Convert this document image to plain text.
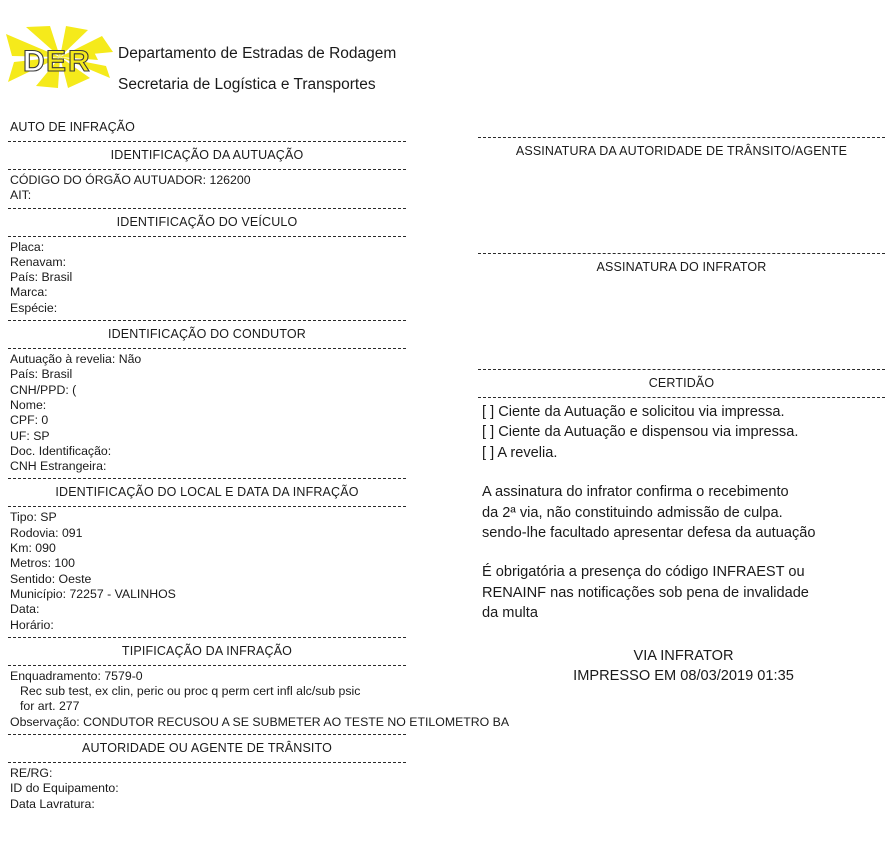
D E R Departamento de Estradas de Rodagem
Secretaria de Logística e Transportes
AUTO DE INFRAÇÃO
IDENTIFICAÇÃO DA AUTUAÇÃO
CÓDIGO DO ÓRGÃO AUTUADOR: 126200
AIT:
IDENTIFICAÇÃO DO VEÍCULO
Placa:
Renavam:
País: Brasil
Marca:
Espécie:
IDENTIFICAÇÃO DO CONDUTOR
Autuação à revelia: Não
País: Brasil
CNH/PPD: (
Nome:
CPF: 0
UF: SP
Doc. Identificação:
CNH Estrangeira:
IDENTIFICAÇÃO DO LOCAL E DATA DA INFRAÇÃO
Tipo: SP
Rodovia: 091
Km: 090
Metros: 100
Sentido: Oeste
Município: 72257 - VALINHOS
Data:
Horário:
TIPIFICAÇÃO DA INFRAÇÃO
Enquadramento: 7579-0
Rec sub test, ex clin, peric ou proc q perm cert infl alc/sub psic
for art. 277
Observação: CONDUTOR RECUSOU A SE SUBMETER AO TESTE NO ETILOMETRO BA
AUTORIDADE OU AGENTE DE TRÂNSITO
RE/RG:
ID do Equipamento:
Data Lavratura:
ASSINATURA DA AUTORIDADE DE TRÂNSITO/AGENTE
ASSINATURA DO INFRATOR
CERTIDÃO
[ ] Ciente da Autuação e solicitou via impressa.
[ ] Ciente da Autuação e dispensou via impressa.
[ ] A revelia.
A assinatura do infrator confirma o recebimento
da 2ª via, não constituindo admissão de culpa.
sendo-lhe facultado apresentar defesa da autuação
É obrigatória a presença do código INFRAEST ou
RENAINF nas notificações sob pena de invalidade
da multa
VIA INFRATOR
IMPRESSO EM 08/03/2019 01:35
